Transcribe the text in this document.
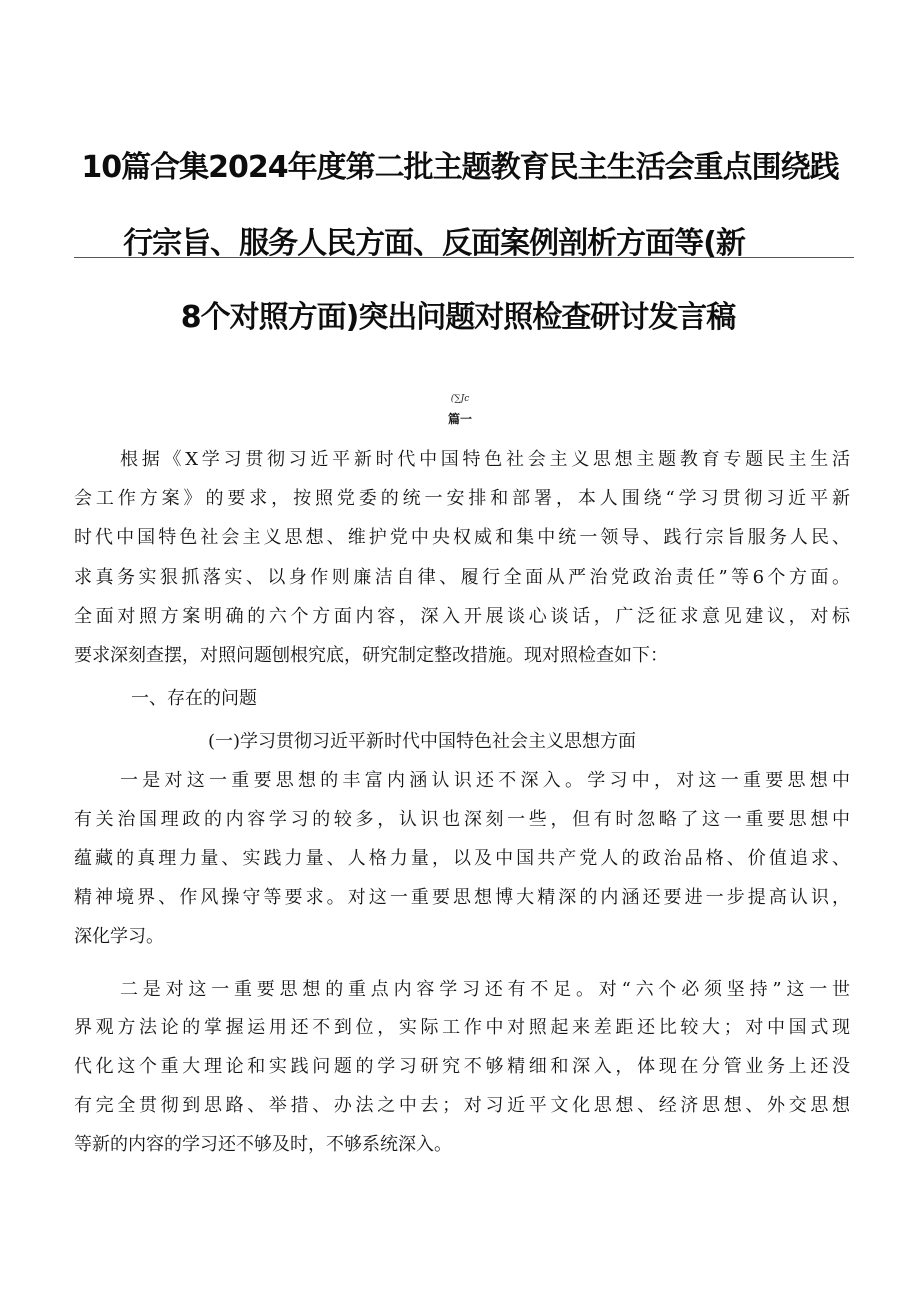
10篇合集2024年度第二批主题教育民主生活会重点围绕践
行宗旨、服务人民方面、反面案例剖析方面等(新
8个对照方面)突出问题对照检查研讨发言稿
(∑Jc
篇一
根据《X学习贯彻习近平新时代中国特色社会主义思想主题教育专题民主生活
会工作方案》的要求，按照党委的统一安排和部署，本人围绕“学习贯彻习近平新
时代中国特色社会主义思想、维护党中央权威和集中统一领导、践行宗旨服务人民、
求真务实狠抓落实、以身作则廉洁自律、履行全面从严治党政治责任”等6个方面。
全面对照方案明确的六个方面内容，深入开展谈心谈话，广泛征求意见建议，对标
要求深刻查摆，对照问题刨根究底，研究制定整改措施。现对照检查如下：
一、存在的问题
(一)学习贯彻习近平新时代中国特色社会主义思想方面
一是对这一重要思想的丰富内涵认识还不深入。学习中，对这一重要思想中
有关治国理政的内容学习的较多，认识也深刻一些，但有时忽略了这一重要思想中
蕴藏的真理力量、实践力量、人格力量，以及中国共产党人的政治品格、价值追求、
精神境界、作风操守等要求。对这一重要思想博大精深的内涵还要进一步提高认识，
深化学习。
二是对这一重要思想的重点内容学习还有不足。对“六个必须坚持”这一世
界观方法论的掌握运用还不到位，实际工作中对照起来差距还比较大；对中国式现
代化这个重大理论和实践问题的学习研究不够精细和深入，体现在分管业务上还没
有完全贯彻到思路、举措、办法之中去；对习近平文化思想、经济思想、外交思想
等新的内容的学习还不够及时，不够系统深入。
